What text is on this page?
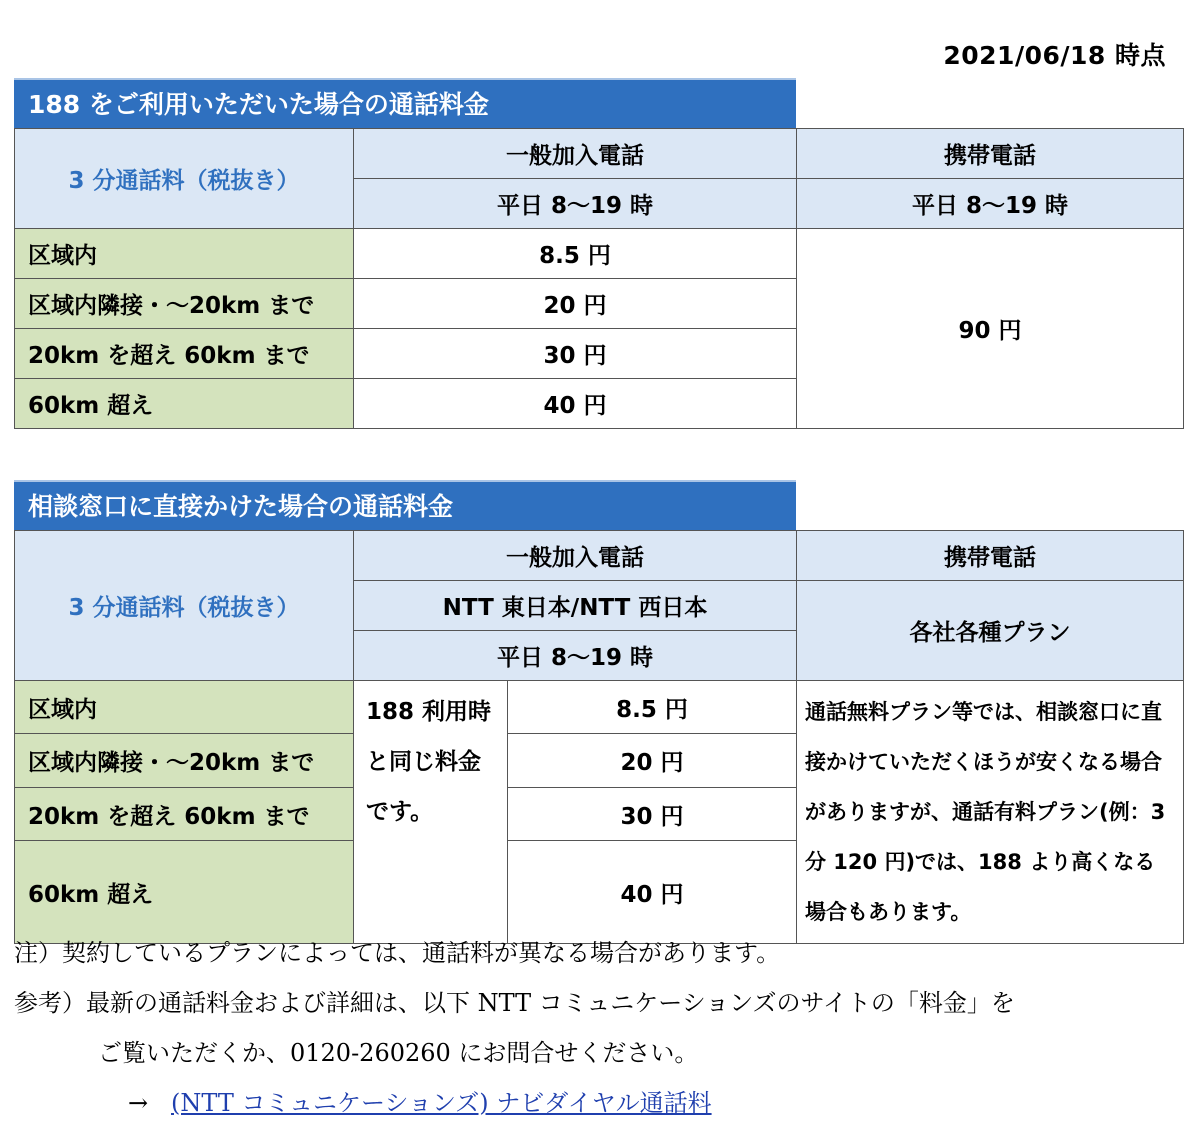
2021/06/18 時点
188 をご利用いただいた場合の通話料金
3 分通話料（税抜き）	一般加入電話	携帯電話
	平日 8～19 時	平日 8～19 時
区域内	8.5 円	90 円
区域内隣接・～20km まで	20 円	
20km を超え 60km まで	30 円	
60km 超え	40 円	
相談窓口に直接かけた場合の通話料金
3 分通話料（税抜き）	一般加入電話		携帯電話
	NTT 東日本/NTT 西日本		各社各種プラン
	平日 8～19 時		
区域内	188 利用時と同じ料金です。	8.5 円	通話無料プラン等では、相談窓口に直接かけていただくほうが安くなる場合がありますが、通話有料プラン(例：3 分 120 円)では、188 より高くなる場合もあります。
区域内隣接・～20km まで		20 円	
20km を超え 60km まで		30 円	
60km 超え		40 円	
注）契約しているプランによっては、通話料が異なる場合があります。
参考）最新の通話料金および詳細は、以下 NTT コミュニケーションズのサイトの「料金」を
ご覧いただくか、0120-260260 にお問合せください。
→ (NTT コミュニケーションズ) ナビダイヤル通話料
